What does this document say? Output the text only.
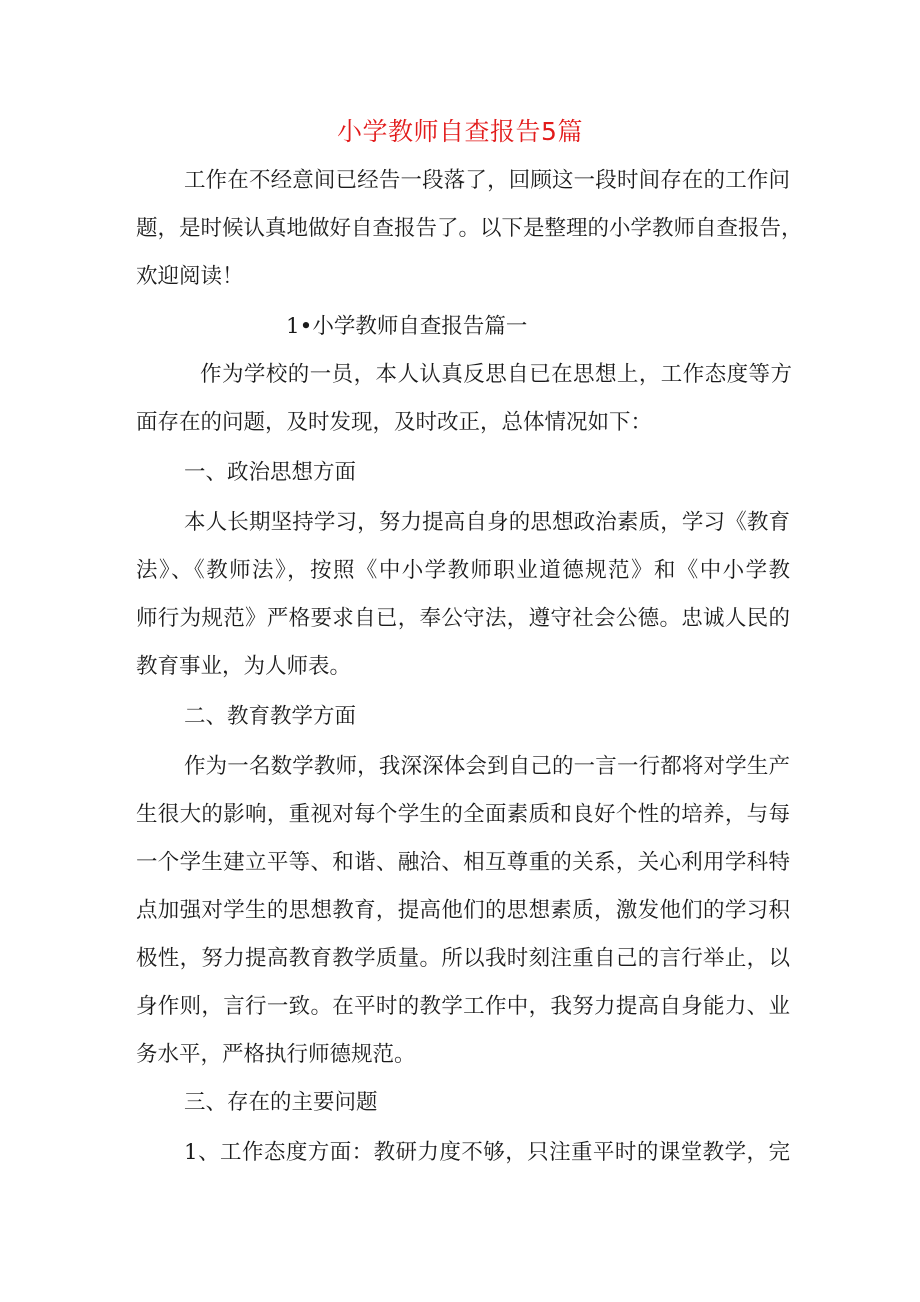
小学教师自查报告5篇
工作在不经意间已经告一段落了，回顾这一段时间存在的工作问
题，是时候认真地做好自查报告了。以下是整理的小学教师自查报告，
欢迎阅读！
1•小学教师自查报告篇一
作为学校的一员，本人认真反思自已在思想上，工作态度等方
面存在的问题，及时发现，及时改正，总体情况如下：
一、政治思想方面
本人长期坚持学习，努力提高自身的思想政治素质，学习《教育
法》、《教师法》，按照《中小学教师职业道德规范》和《中小学教
师行为规范》严格要求自已，奉公守法，遵守社会公德。忠诚人民的
教育事业，为人师表。
二、教育教学方面
作为一名数学教师，我深深体会到自己的一言一行都将对学生产
生很大的影响，重视对每个学生的全面素质和良好个性的培养，与每
一个学生建立平等、和谐、融洽、相互尊重的关系，关心利用学科特
点加强对学生的思想教育，提高他们的思想素质，激发他们的学习积
极性，努力提高教育教学质量。所以我时刻注重自己的言行举止，以
身作则，言行一致。在平时的教学工作中，我努力提高自身能力、业
务水平，严格执行师德规范。
三、存在的主要问题
1、工作态度方面：教研力度不够，只注重平时的课堂教学，完
